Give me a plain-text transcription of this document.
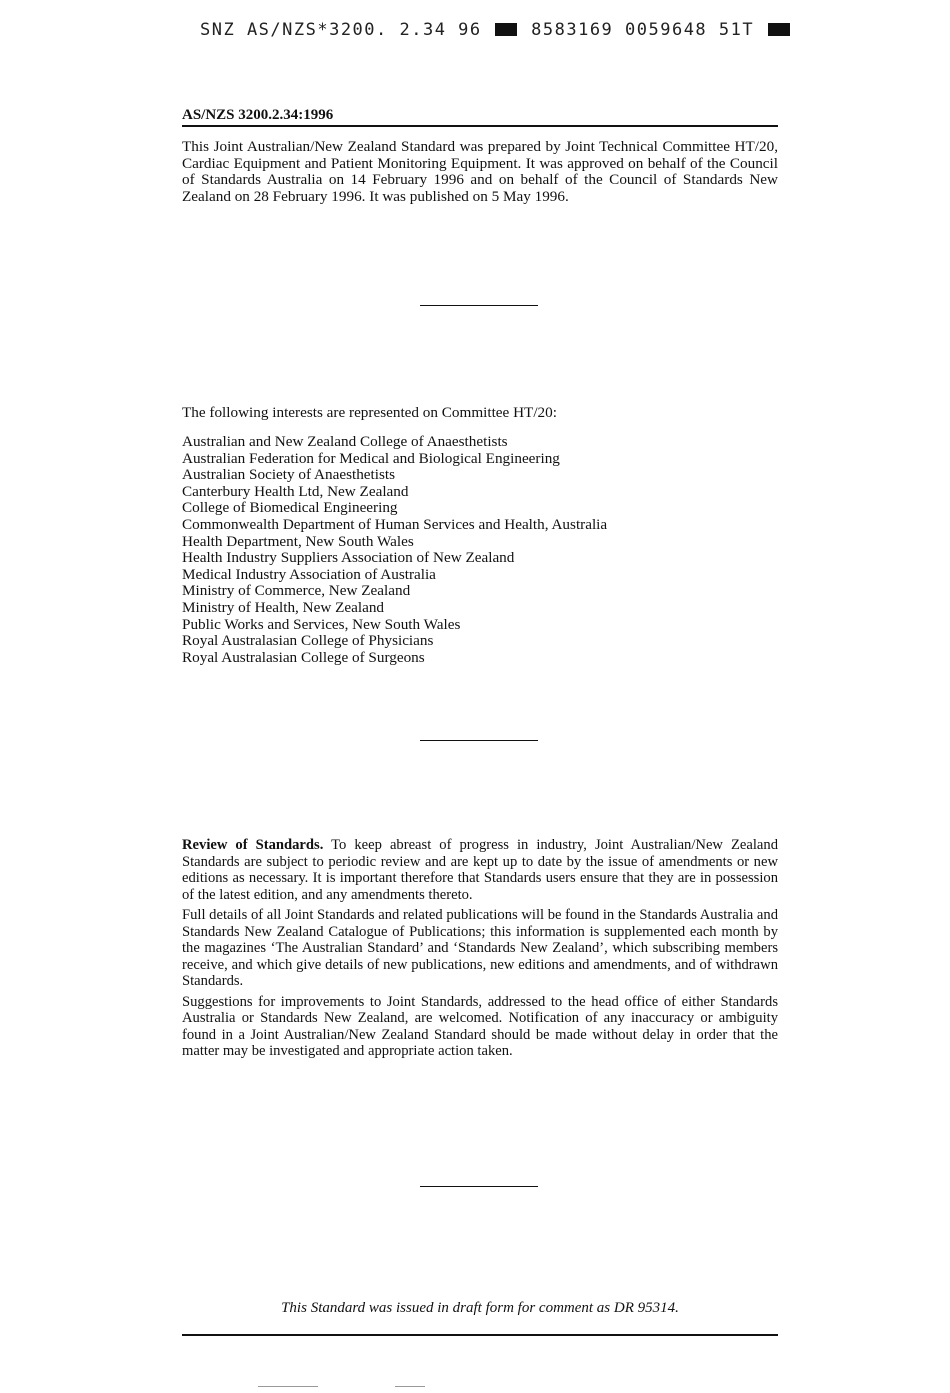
SNZ AS/NZS*3200. 2.34 96	8583169 0059648 51T
AS/NZS 3200.2.34:1996
This Joint Australian/New Zealand Standard was prepared by Joint Technical Committee HT/20, Cardiac Equipment and Patient Monitoring Equipment. It was approved on behalf of the Council of Standards Australia on 14 February 1996 and on behalf of the Council of Standards New Zealand on 28 February 1996. It was published on 5 May 1996.
The following interests are represented on Committee HT/20:
Australian and New Zealand College of Anaesthetists
Australian Federation for Medical and Biological Engineering
Australian Society of Anaesthetists
Canterbury Health Ltd, New Zealand
College of Biomedical Engineering
Commonwealth Department of Human Services and Health, Australia
Health Department, New South Wales
Health Industry Suppliers Association of New Zealand
Medical Industry Association of Australia
Ministry of Commerce, New Zealand
Ministry of Health, New Zealand
Public Works and Services, New South Wales
Royal Australasian College of Physicians
Royal Australasian College of Surgeons

Review of Standards. To keep abreast of progress in industry, Joint Australian/New Zealand Standards are subject to periodic review and are kept up to date by the issue of amendments or new editions as necessary. It is important therefore that Standards users ensure that they are in possession of the latest edition, and any amendments thereto.

Full details of all Joint Standards and related publications will be found in the Standards Australia and Standards New Zealand Catalogue of Publications; this information is supplemented each month by the magazines ‘The Australian Standard’ and ‘Standards New Zealand’, which subscribing members receive, and which give details of new publications, new editions and amendments, and of withdrawn Standards.

Suggestions for improvements to Joint Standards, addressed to the head office of either Standards Australia or Standards New Zealand, are welcomed. Notification of any inaccuracy or ambiguity found in a Joint Australian/New Zealand Standard should be made without delay in order that the matter may be investigated and appropriate action taken.

This Standard was issued in draft form for comment as DR 95314.
